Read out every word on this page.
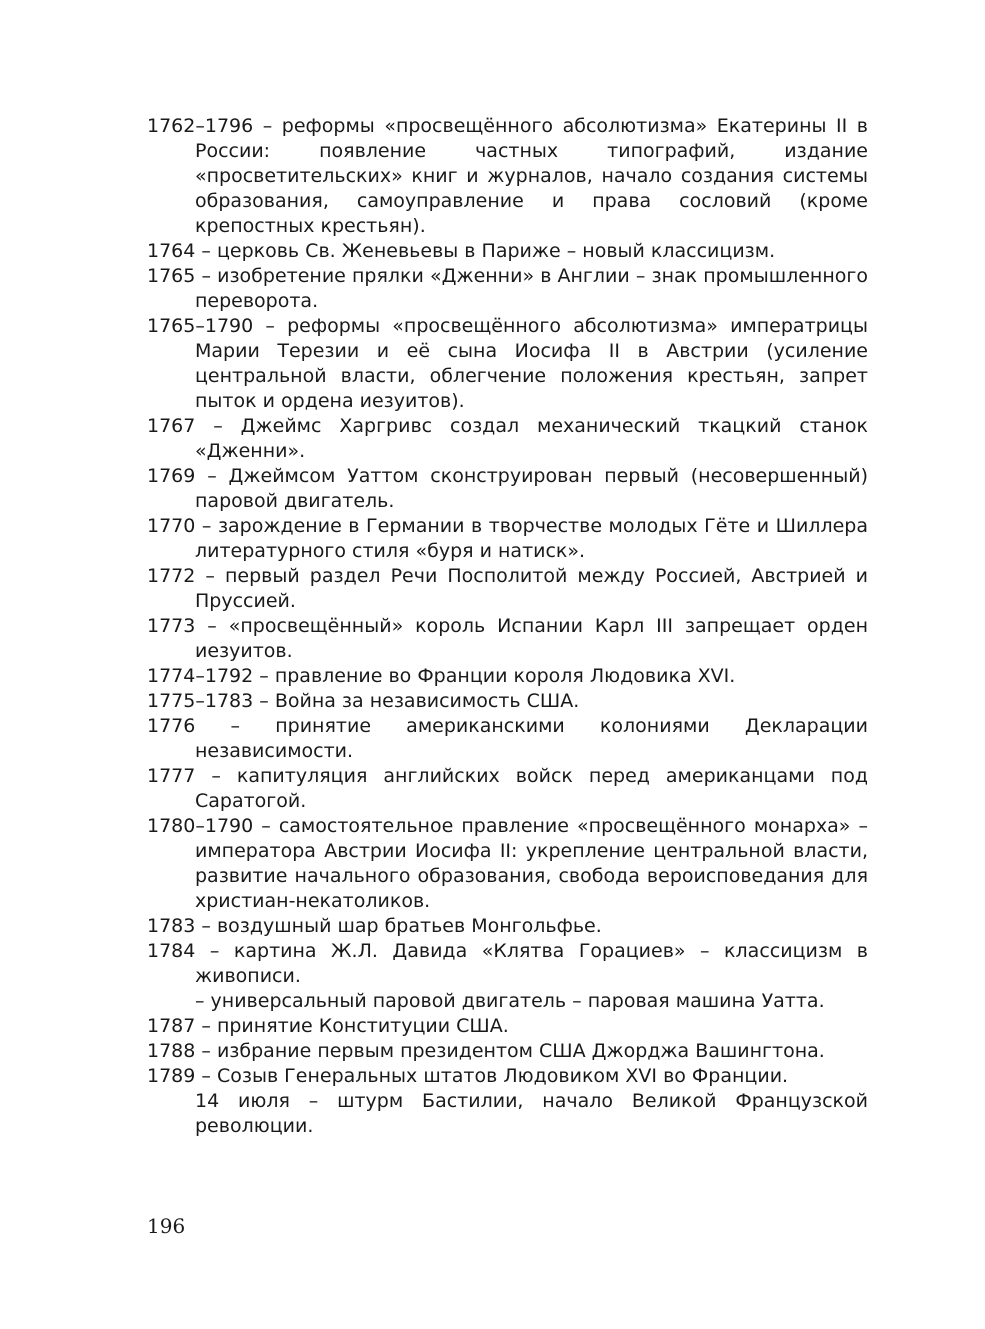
1762–1796 – реформы «просвещённого абсолютизма» Екатерины II в России: появление частных типографий, издание «просветительских» книг и журналов, начало создания системы образования, самоуправление и права сословий (кроме крепостных крестьян).

1764 – церковь Св. Женевьевы в Париже – новый классицизм.

1765 – изобретение прялки «Дженни» в Англии – знак промышленного переворота.

1765–1790 – реформы «просвещённого абсолютизма» императрицы Марии Терезии и её сына Иосифа II в Австрии (усиление центральной власти, облегчение положения крестьян, запрет пыток и ордена иезуитов).

1767 – Джеймс Харгривс создал механический ткацкий станок «Дженни».

1769 – Джеймсом Уаттом сконструирован первый (несовершенный) паровой двигатель.

1770 – зарождение в Германии в творчестве молодых Гёте и Шиллера литературного стиля «буря и натиск».

1772 – первый раздел Речи Посполитой между Россией, Австрией и Пруссией.

1773 – «просвещённый» король Испании Карл III запрещает орден иезуитов.

1774–1792 – правление во Франции короля Людовика XVI.

1775–1783 – Война за независимость США.

1776 – принятие американскими колониями Декларации независимости.

1777 – капитуляция английских войск перед американцами под Саратогой.

1780–1790 – самостоятельное правление «просвещённого монарха» – императора Австрии Иосифа II: укрепление центральной власти, развитие начального образования, свобода вероисповедания для христиан-некатоликов.

1783 – воздушный шар братьев Монгольфье.

1784 – картина Ж.Л. Давида «Клятва Горациев» – классицизм в живописи.
– универсальный паровой двигатель – паровая машина Уатта.

1787 – принятие Конституции США.

1788 – избрание первым президентом США Джорджа Вашингтона.

1789 – Созыв Генеральных штатов Людовиком XVI во Франции.
14 июля – штурм Бастилии, начало Великой Французской революции.

196
